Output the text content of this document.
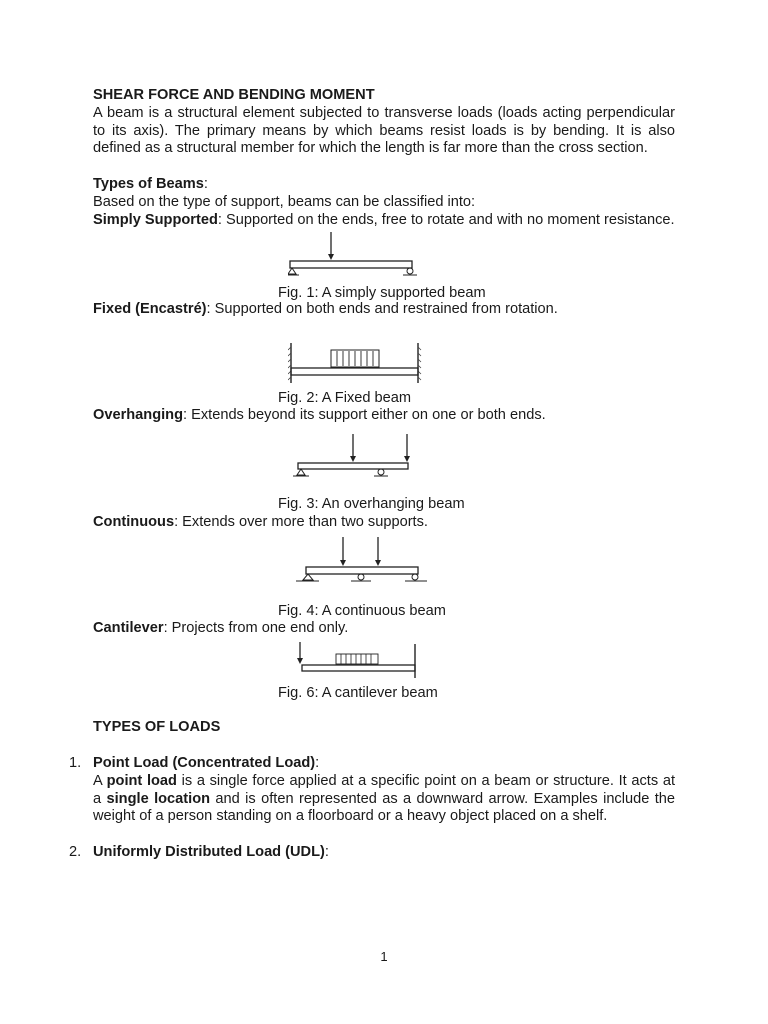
SHEAR FORCE AND BENDING MOMENT

A beam is a structural element subjected to transverse loads (loads acting perpendicular to its axis). The primary means by which beams resist loads is by bending. It is also defined as a structural member for which the length is far more than the cross section.

Types of Beams:
Based on the type of support, beams can be classified into:

Simply Supported: Supported on the ends, free to rotate and with no moment resistance.

Fig. 1: A simply supported beam
Fixed (Encastré): Supported on both ends and restrained from rotation.
Fig. 2: A Fixed beam
Overhanging: Extends beyond its support either on one or both ends.
Fig. 3: An overhanging beam
Continuous: Extends over more than two supports.
Fig. 4: A continuous beam
Cantilever: Projects from one end only.
Fig. 6: A cantilever beam
TYPES OF LOADS
1. Point Load (Concentrated Load):

A point load is a single force applied at a specific point on a beam or structure. It acts at a single location and is often represented as a downward arrow. Examples include the weight of a person standing on a floorboard or a heavy object placed on a shelf.

2. Uniformly Distributed Load (UDL):
1
